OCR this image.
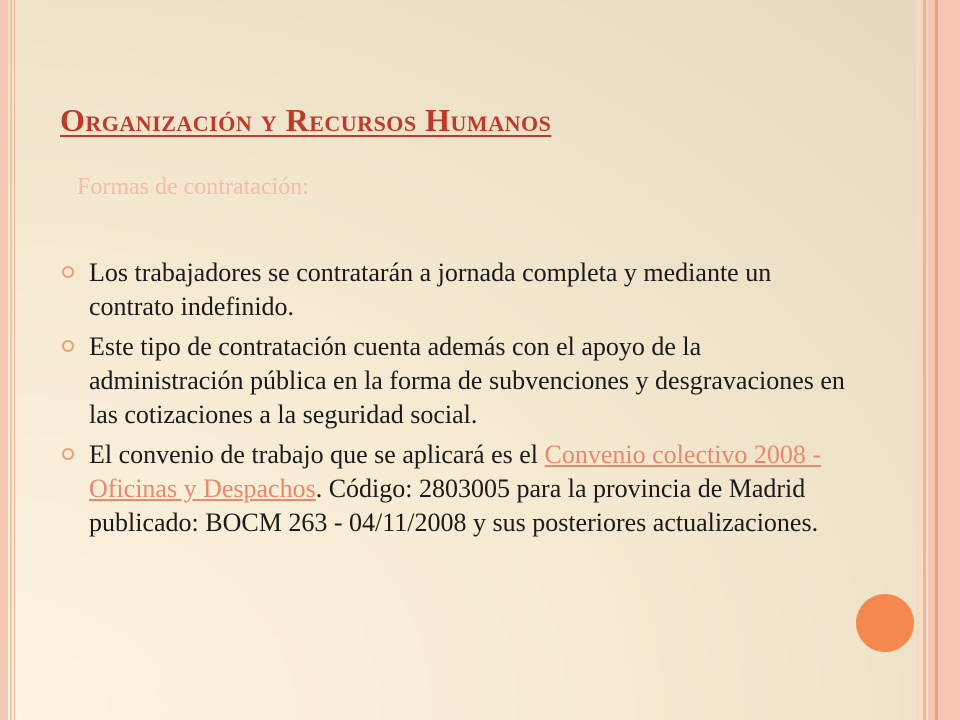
Organización y Recursos Humanos
Formas de contratación:
Los trabajadores se contratarán a jornada completa y mediante un contrato indefinido.
Este tipo de contratación cuenta además con el apoyo de la administración pública en la forma de subvenciones y desgravaciones en las cotizaciones a la seguridad social.
El convenio de trabajo que se aplicará es el Convenio colectivo 2008 -Oficinas y Despachos. Código: 2803005 para la provincia de Madrid publicado: BOCM 263 - 04/11/2008 y sus posteriores actualizaciones.
